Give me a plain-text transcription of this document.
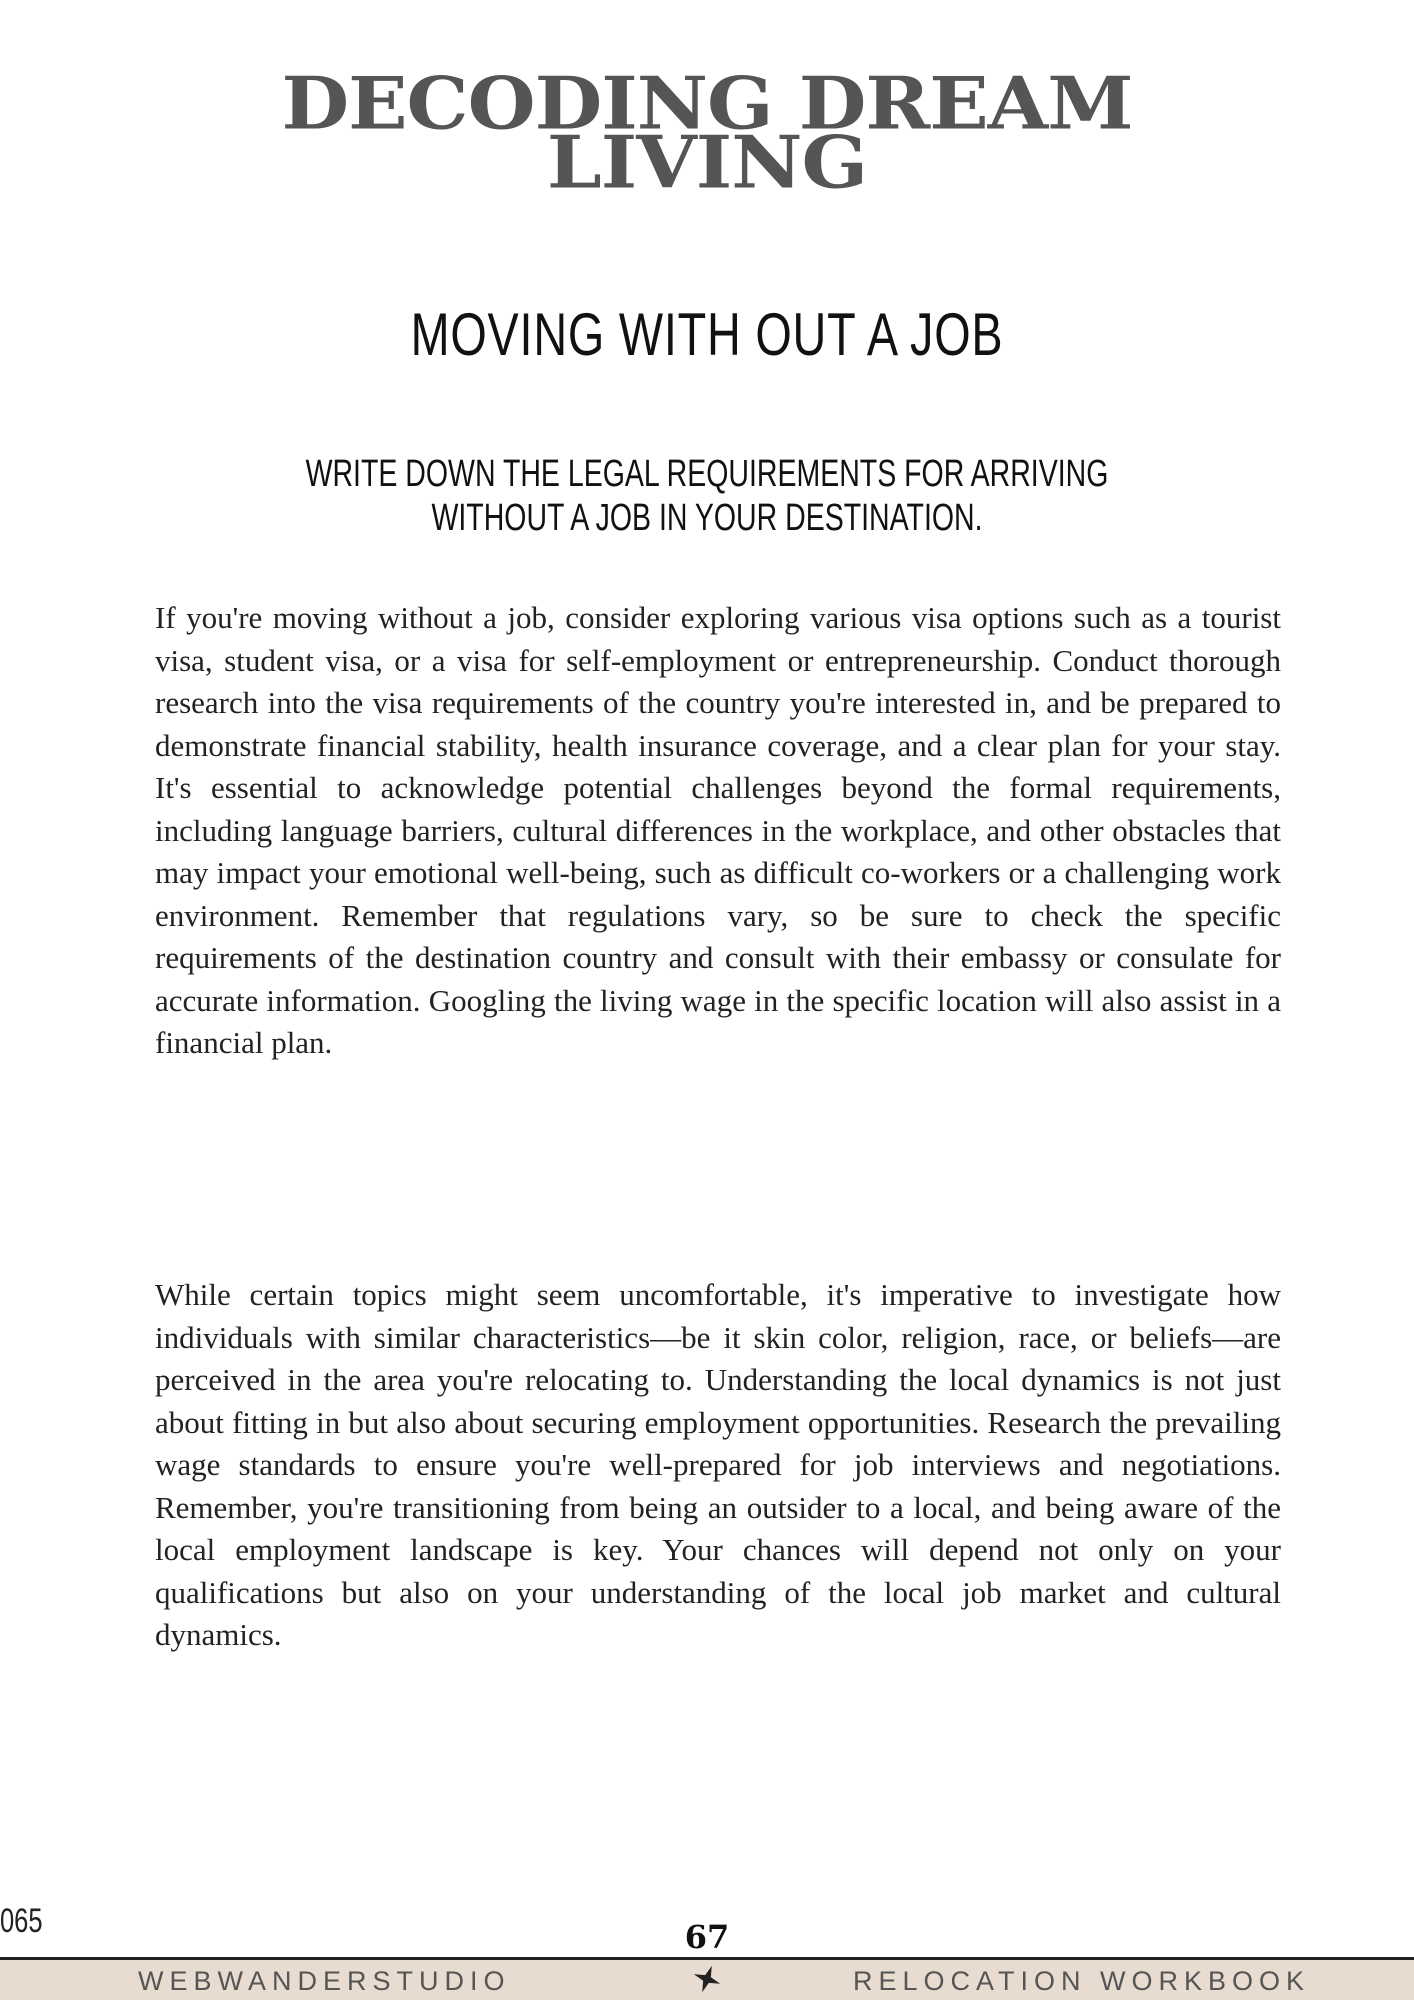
DECODING DREAM
LIVING
MOVING WITH OUT A JOB
WRITE DOWN THE LEGAL REQUIREMENTS FOR ARRIVING WITHOUT A JOB IN YOUR DESTINATION.

If you're moving without a job, consider exploring various visa options such as a tourist visa, student visa, or a visa for self-employment or entrepreneurship. Conduct thorough research into the visa requirements of the country you're interested in, and be prepared to demonstrate financial stability, health insurance coverage, and a clear plan for your stay. It's essential to acknowledge potential challenges beyond the formal requirements, including language barriers, cultural differences in the workplace, and other obstacles that may impact your emotional well-being, such as difficult co-workers or a challenging work environment. Remember that regulations vary, so be sure to check the specific requirements of the destination country and consult with their embassy or consulate for accurate information. Googling the living wage in the specific location will also assist in a financial plan.

While certain topics might seem uncomfortable, it's imperative to investigate how individuals with similar characteristics—be it skin color, religion, race, or beliefs—are perceived in the area you're relocating to. Understanding the local dynamics is not just about fitting in but also about securing employment opportunities. Research the prevailing wage standards to ensure you're well-prepared for job interviews and negotiations. Remember, you're transitioning from being an outsider to a local, and being aware of the local employment landscape is key. Your chances will depend not only on your qualifications but also on your understanding of the local job market and cultural dynamics.

065	67
WEBWANDERSTUDIO	RELOCATION WORKBOOK
